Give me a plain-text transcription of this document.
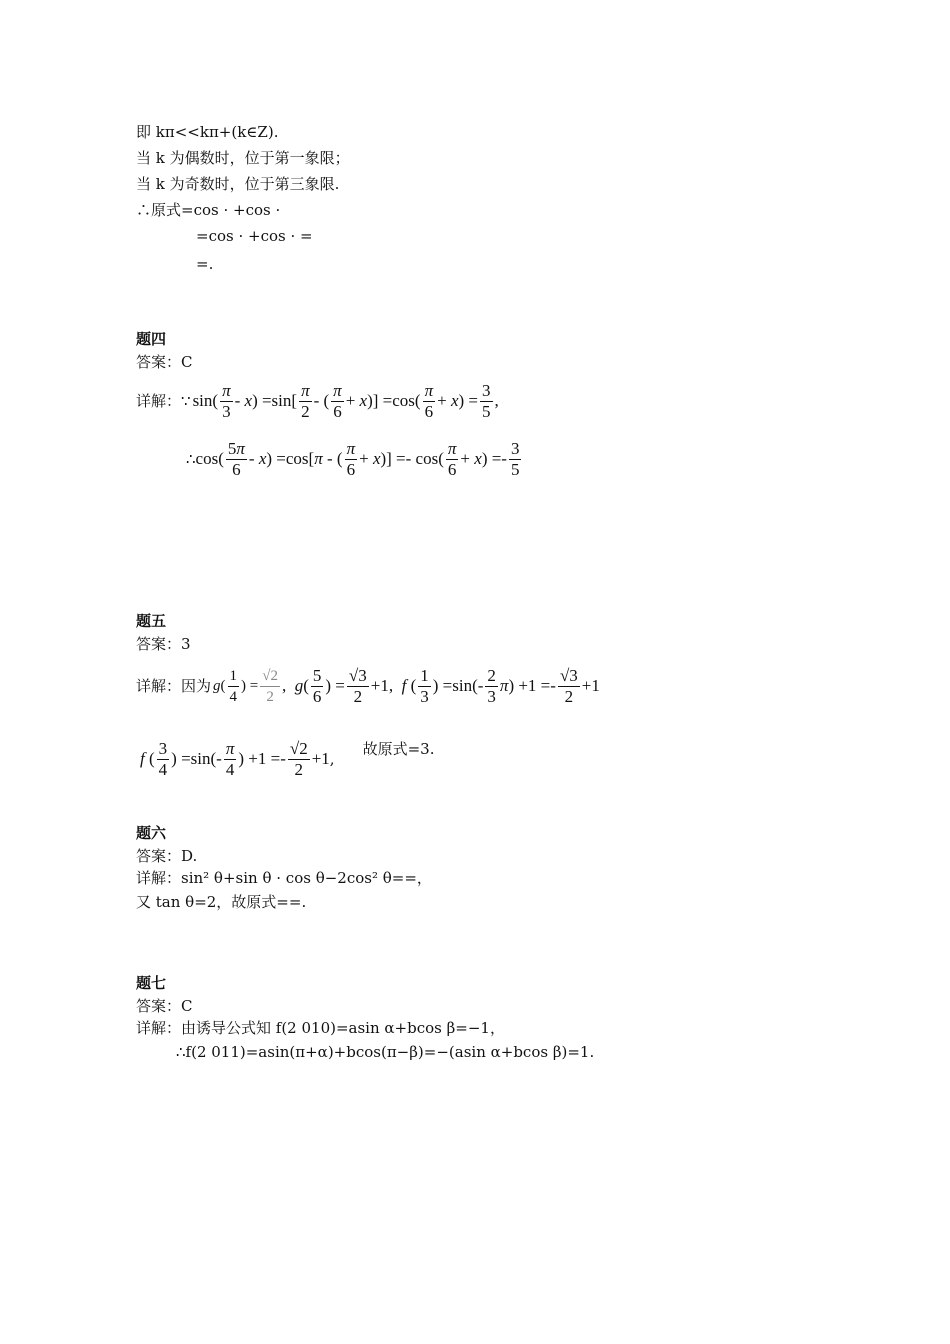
即 kπ<<kπ+(k∈Z).
当 k 为偶数时，位于第一象限；
当 k 为奇数时，位于第三象限.
∴原式=cos · +cos ·
=cos · +cos · =
=.
题四
答案：C
详解： ∵ $\sin( \frac{\pi}{3} - x) =\sin[ \frac{\pi}{2}$ - ( $\frac{\pi}{6} + x)] =\cos( \frac{\pi}{6} + x) = \frac{3}{5}$ ,
∴ $\cos( \frac{5\pi}{6} - x) =\cos[\pi$ - ( $\frac{\pi}{6} + x)] =- \cos( \frac{\pi}{6} + x) =- \frac{3}{5}$
题五
答案：3
详解：因为 g ( $\frac{1}{4}$ ) = $\frac{√2}{2}$ ,  $g( \frac{5}{6}$ ) = $\frac{√3}{2} +1$,  f ( $\frac{1}{3}$ ) $=\sin(- \frac{2}{3} \pi) +1 =- \frac{√3}{2} +1$
f ( $\frac{3}{4}$ ) $=\sin(- \frac{\pi}{4}$ ) $+1 =- \frac{√2}{2} +1$ ,
故原式=3.
题六
答案：D.
详解：sin² θ+sin θ · cos θ−2cos² θ==，
又 tan θ=2，故原式==.
题七
答案：C
详解：由诱导公式知 f(2 010)=asin α+bcos β=−1，
∴f(2 011)=asin(π+α)+bcos(π−β)=−(asin α+bcos β)=1.
